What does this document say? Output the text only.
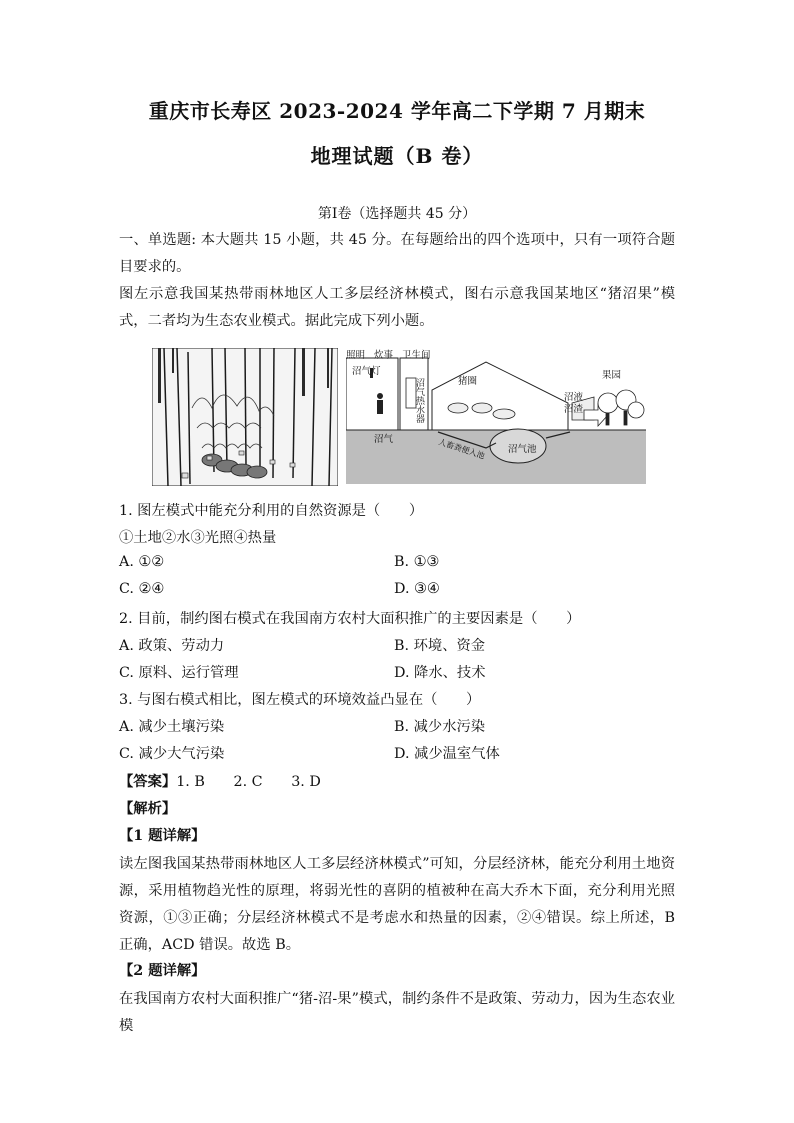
重庆市长寿区 2023-2024 学年高二下学期 7 月期末
地理试题（B 卷）
第Ⅰ卷（选择题共 45 分）
一、单选题: 本大题共 15 小题，共 45 分。在每题给出的四个选项中，只有一项符合题目要求的。
图左示意我国某热带雨林地区人工多层经济林模式，图右示意我国某地区“猪沼果”模式，二者均为生态农业模式。据此完成下列小题。
照明 炊事 卫生间
沼气灯
猪圈
果园
沼液
沼渣
沼气
沼气池
人畜粪便入池
沼气热水器
1. 图左模式中能充分利用的自然资源是（　　）
①土地②水③光照④热量
A. ①②	B. ①③
C. ②④	D. ③④
2. 目前，制约图右模式在我国南方农村大面积推广的主要因素是（　　）
A. 政策、劳动力	B. 环境、资金
C. 原料、运行管理	D. 降水、技术
3. 与图右模式相比，图左模式的环境效益凸显在（　　）
A. 减少土壤污染	B. 减少水污染
C. 减少大气污染	D. 减少温室气体
【答案】1. B　　2. C　　3. D
【解析】
【1 题详解】
读左图我国某热带雨林地区人工多层经济林模式”可知，分层经济林，能充分利用土地资源，采用植物趋光性的原理，将弱光性的喜阴的植被种在高大乔木下面，充分利用光照资源，①③正确；分层经济林模式不是考虑水和热量的因素，②④错误。综上所述，B 正确，ACD 错误。故选 B。
【2 题详解】
在我国南方农村大面积推广“猪-沼-果”模式，制约条件不是政策、劳动力，因为生态农业模
